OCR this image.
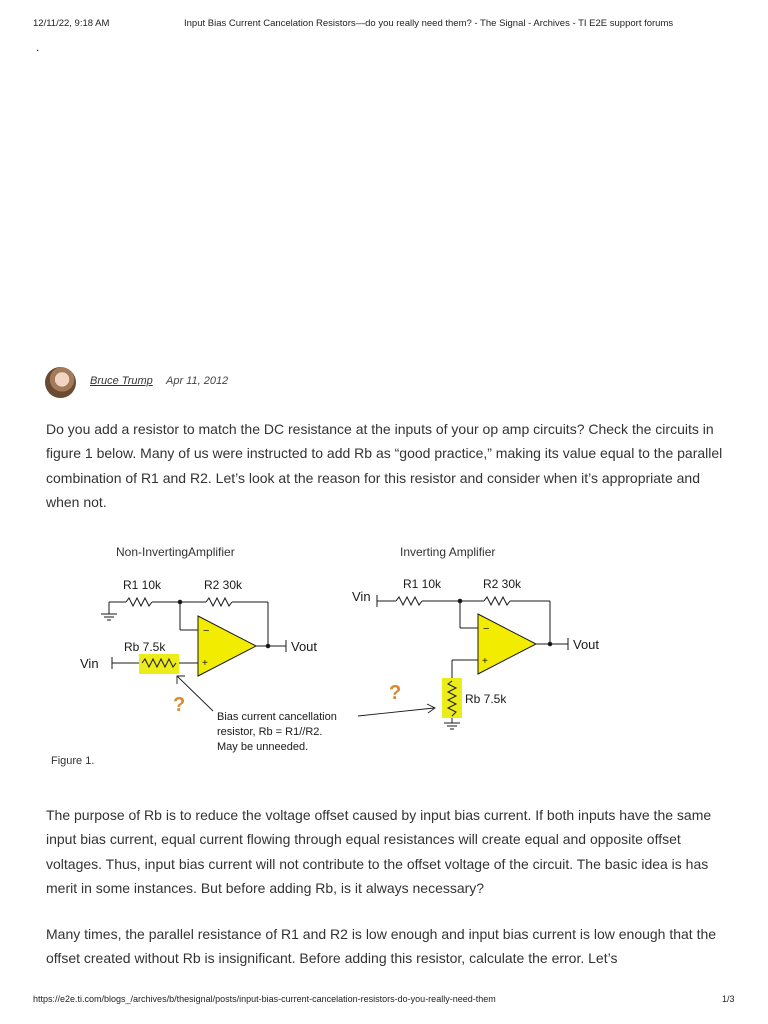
12/11/22, 9:18 AM	Input Bias Current Cancelation Resistors—do you really need them? - The Signal - Archives - TI E2E support forums
.
Bruce Trump Apr 11, 2012
Do you add a resistor to match the DC resistance at the inputs of your op amp circuits? Check the circuits in figure 1 below. Many of us were instructed to add Rb as “good practice,” making its value equal to the parallel combination of R1 and R2. Let’s look at the reason for this resistor and consider when it’s appropriate and when not.
Non-InvertingAmplifier	Inverting Amplifier
−
+
R1 10k	R2 30k
Rb 7.5k
Vin
Vout
?
Bias current cancellation
resistor, Rb = R1//R2.
May be unneeded.
Figure 1.
−
+
R1 10k	R2 30k
Rb 7.5k
Vin
Vout
?
The purpose of Rb is to reduce the voltage offset caused by input bias current. If both inputs have the same input bias current, equal current flowing through equal resistances will create equal and opposite offset voltages. Thus, input bias current will not contribute to the offset voltage of the circuit. The basic idea is has merit in some instances. But before adding Rb, is it always necessary?
Many times, the parallel resistance of R1 and R2 is low enough and input bias current is low enough that the offset created without Rb is insignificant. Before adding this resistor, calculate the error. Let’s
https://e2e.ti.com/blogs_/archives/b/thesignal/posts/input-bias-current-cancelation-resistors-do-you-really-need-them	1/3
